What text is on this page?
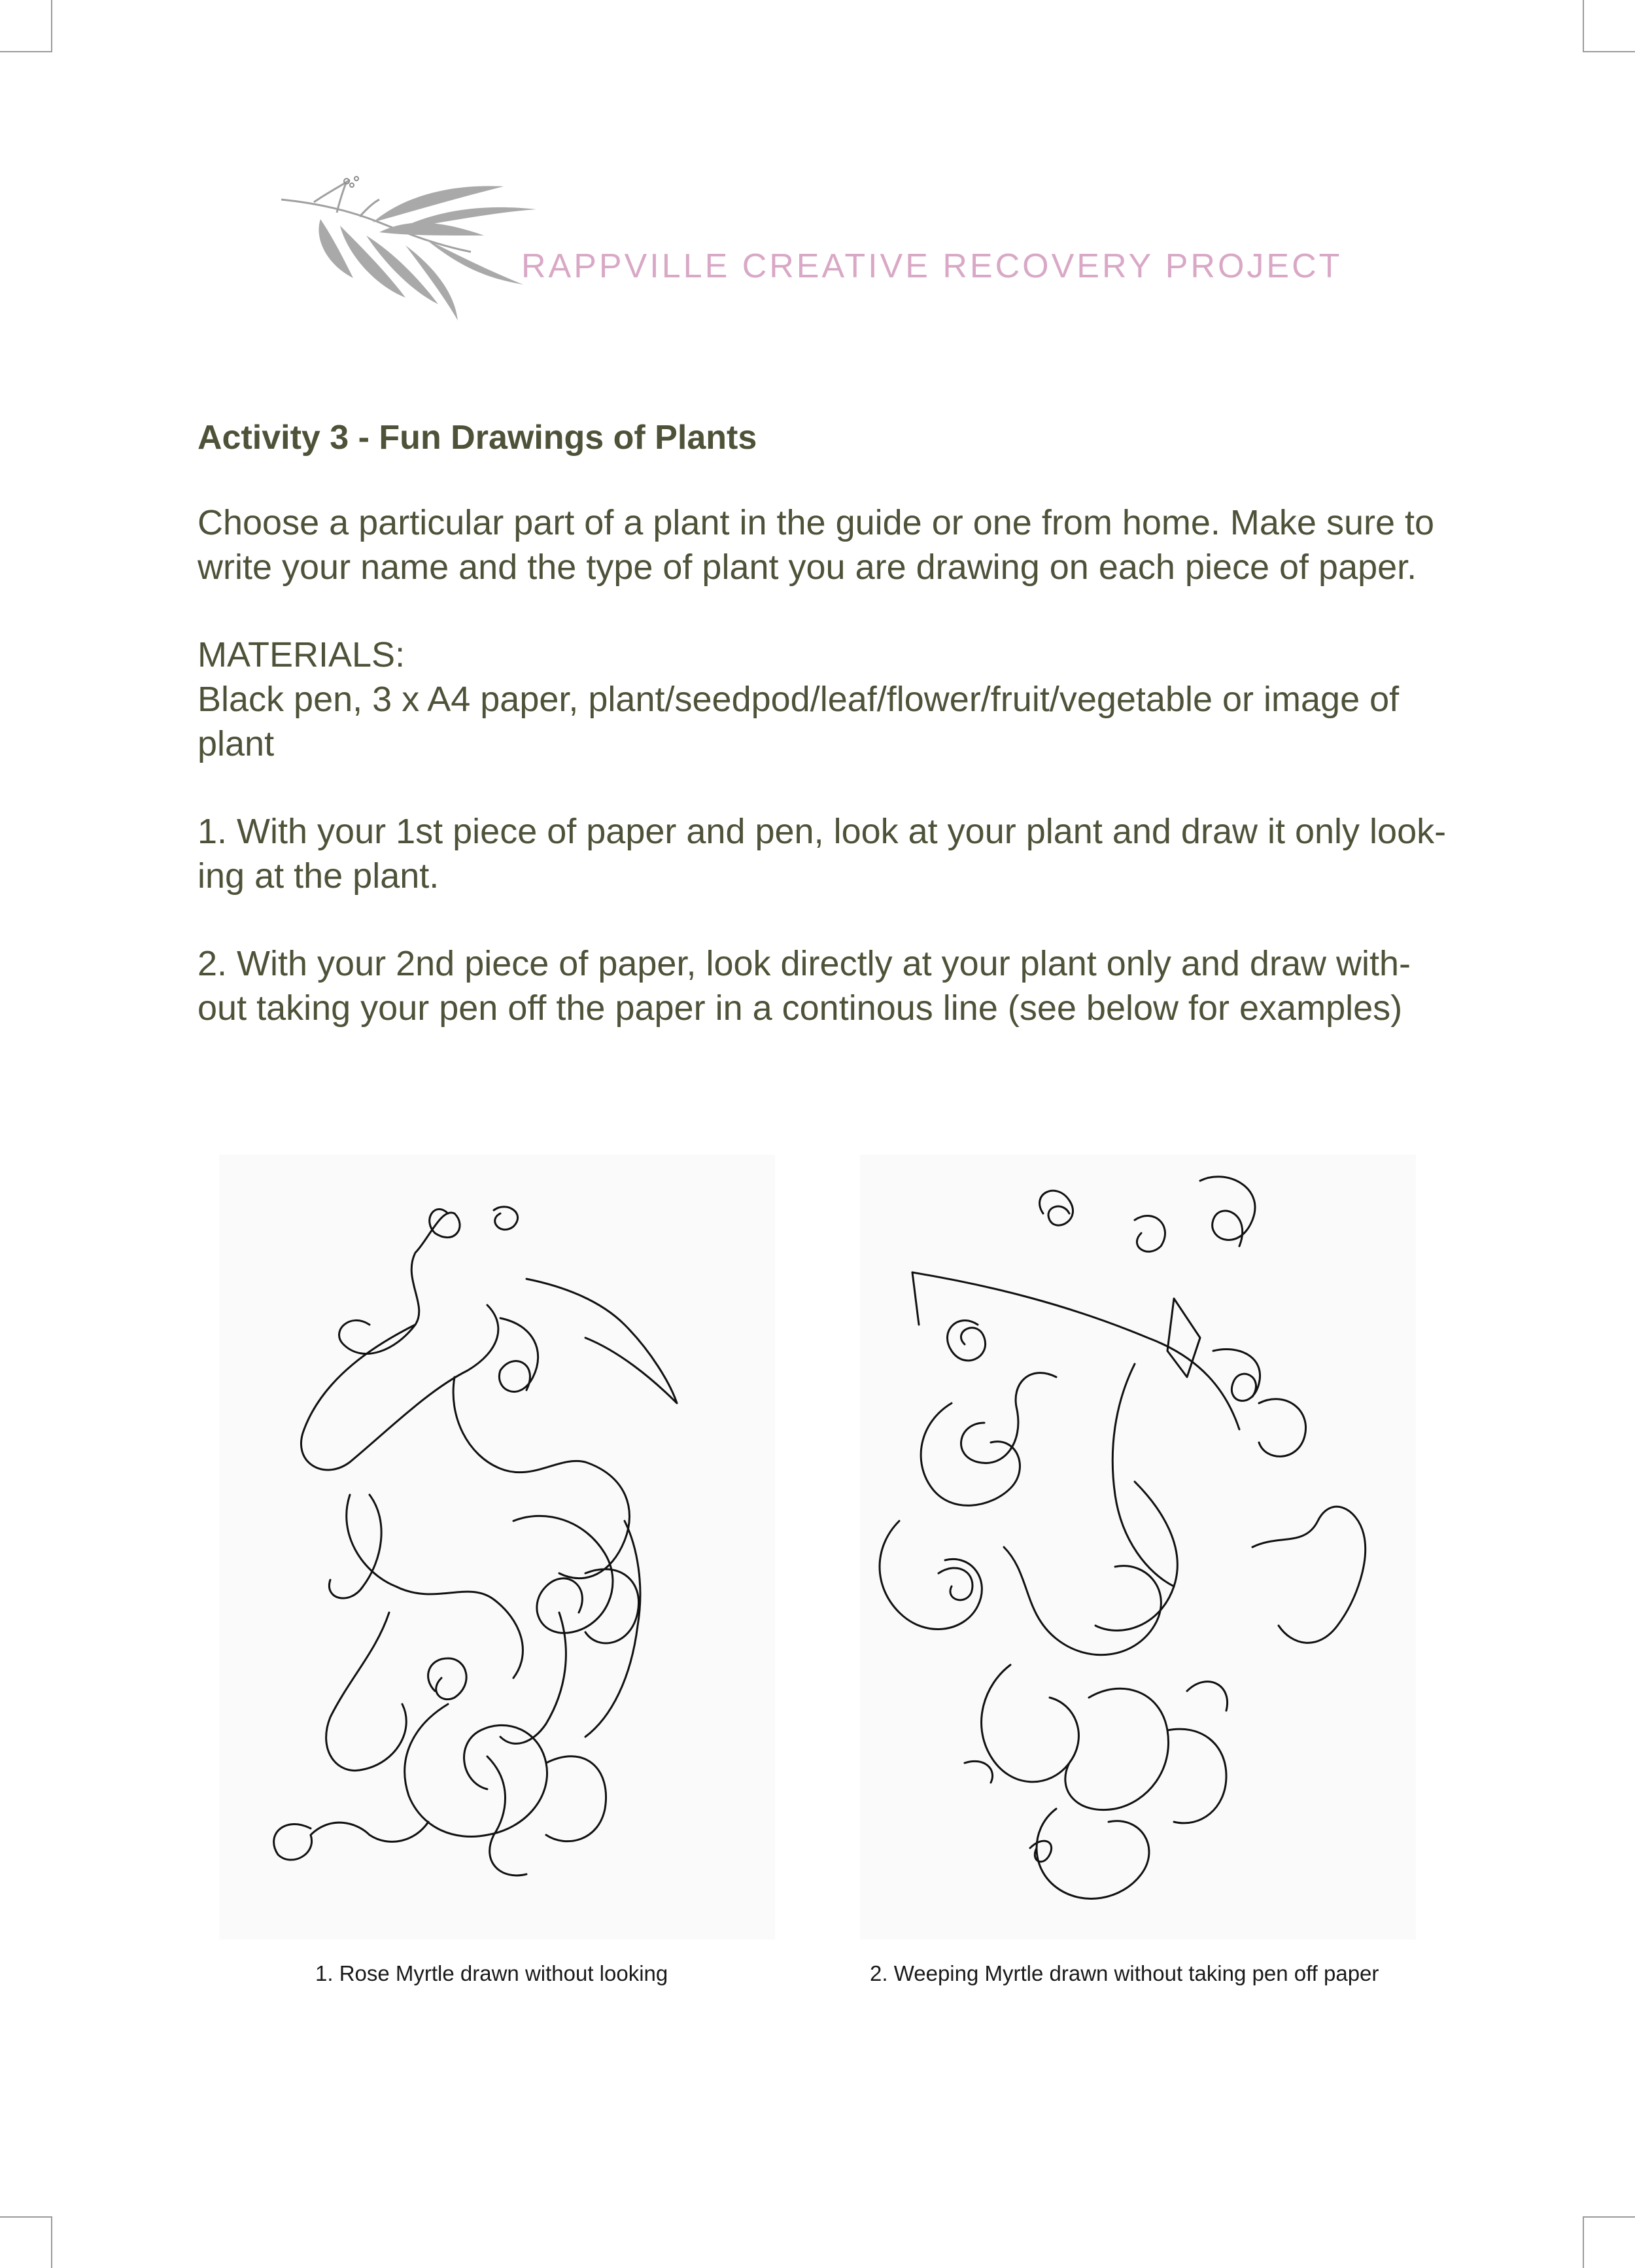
RAPPVILLE CREATIVE RECOVERY PROJECT
Activity 3 - Fun Drawings of Plants
Choose a particular part of a plant in the guide or one from home. Make sure to write your name and the type of plant you are drawing on each piece of paper.
MATERIALS:
Black pen, 3 x A4 paper, plant/seedpod/leaf/flower/fruit/vegetable or image of plant
1. With your 1st piece of paper and pen, look at your plant and draw it only look-ing at the plant.
2. With your 2nd piece of paper, look directly at your plant only and draw with-out taking your pen off the paper in a continous line (see below for examples)
1. Rose Myrtle drawn without looking	2. Weeping Myrtle drawn without taking pen off paper
